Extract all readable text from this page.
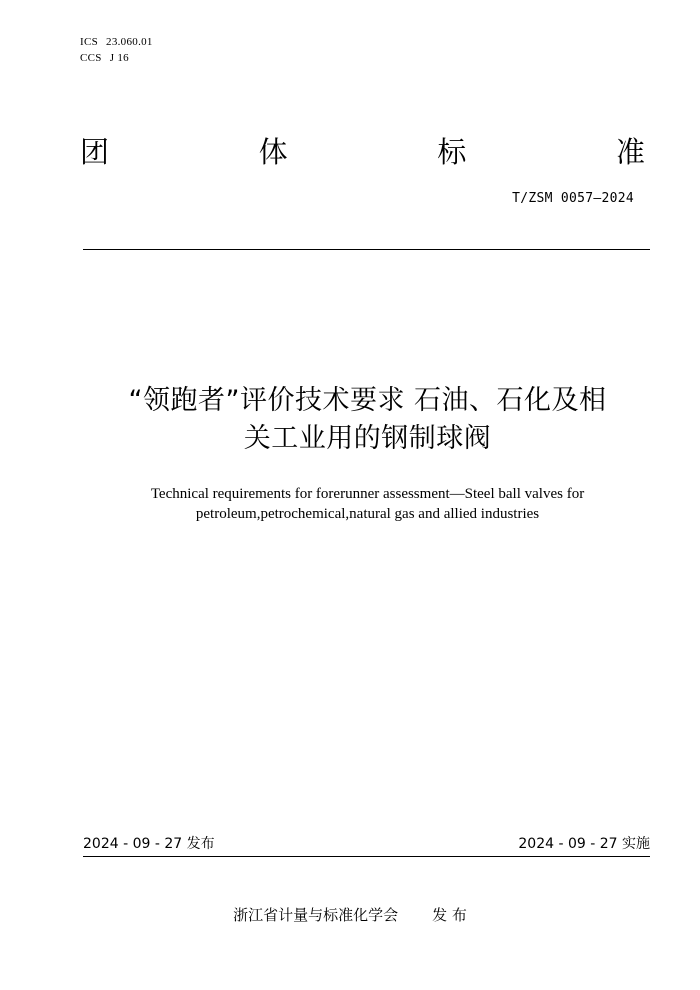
ICS 23.060.01
CCS J 16
团	体	标	准
T/ZSM 0057—2024
“领跑者”评价技术要求 石油、石化及相
关工业用的钢制球阀
Technical requirements for forerunner assessment—Steel ball valves for
petroleum,petrochemical,natural gas and allied industries
2024 - 09 - 27 发布	2024 - 09 - 27 实施
浙江省计量与标准化学会 发 布
